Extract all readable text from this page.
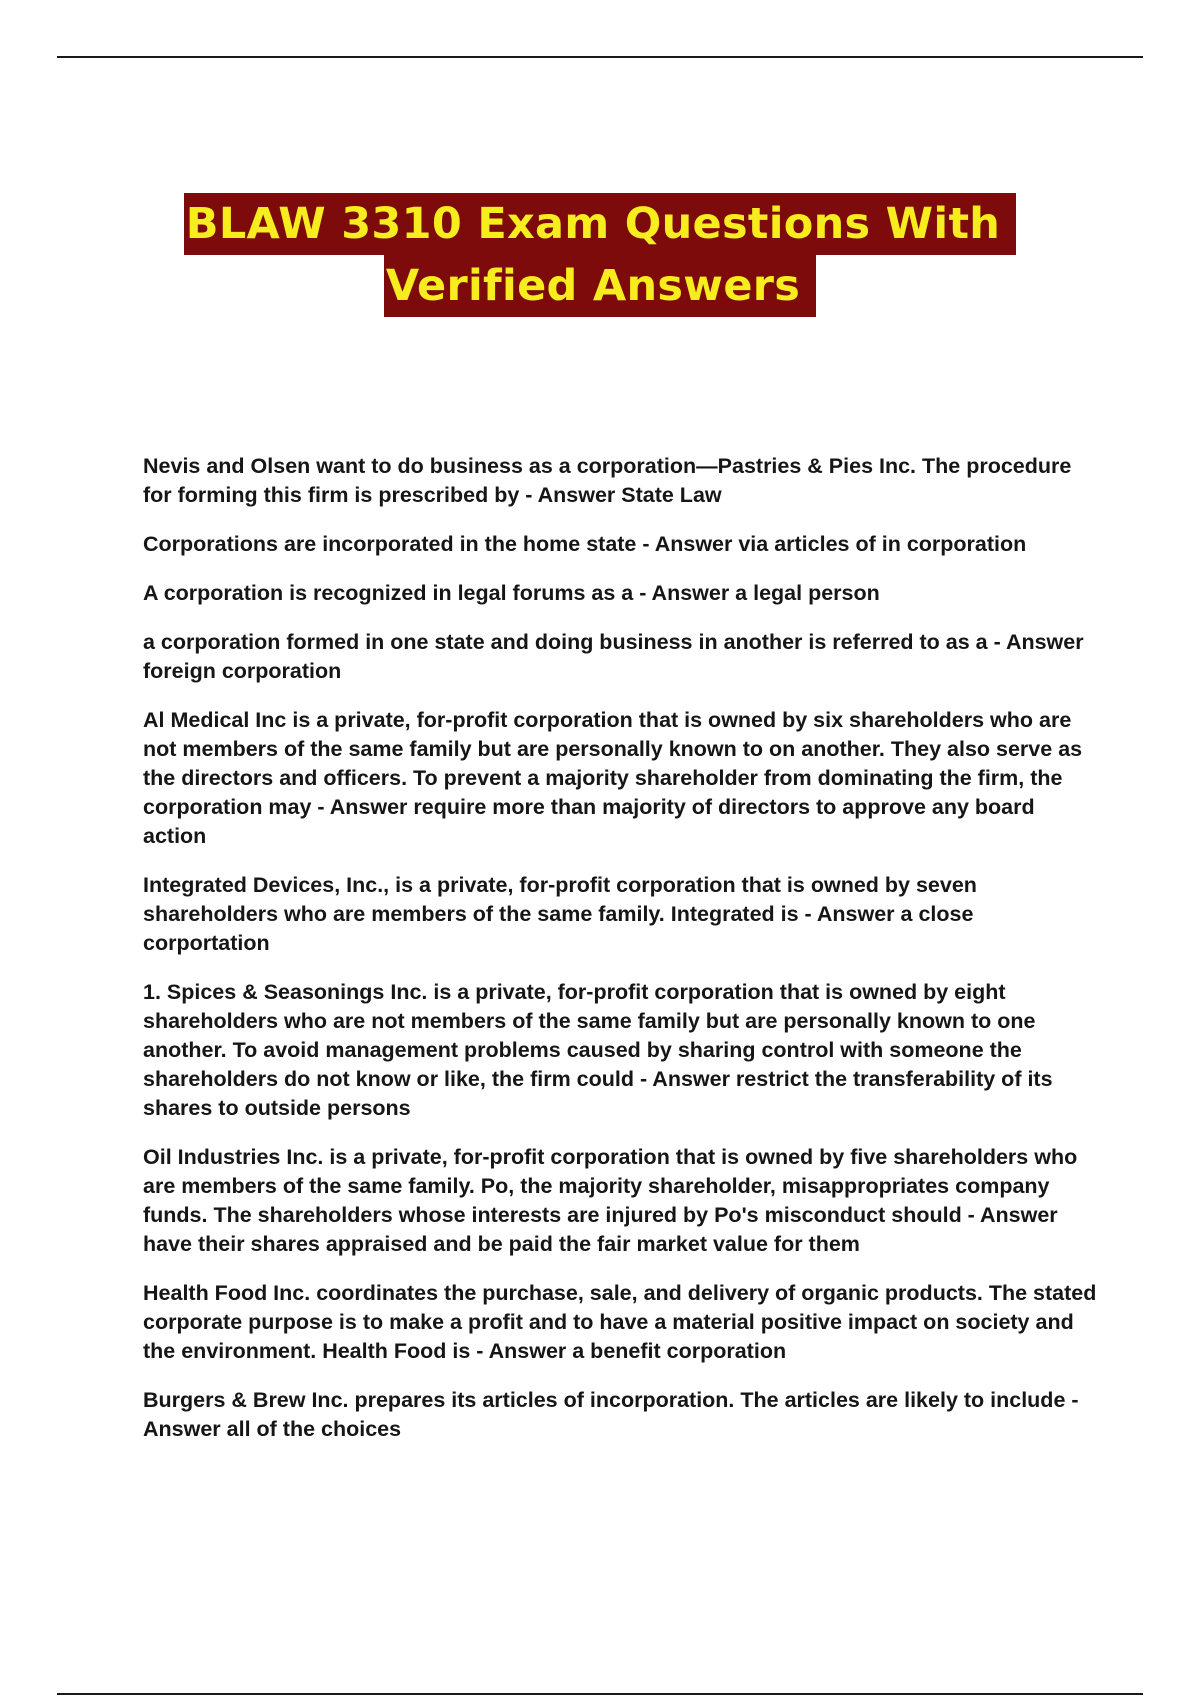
BLAW 3310 Exam Questions With
Verified Answers
Nevis and Olsen want to do business as a corporation—Pastries & Pies Inc. The procedure for forming this firm is prescribed by - Answer State Law
Corporations are incorporated in the home state - Answer via articles of in corporation
A corporation is recognized in legal forums as a - Answer a legal person
a corporation formed in one state and doing business in another is referred to as a - Answer foreign corporation
Al Medical Inc is a private, for-profit corporation that is owned by six shareholders who are not members of the same family but are personally known to on another. They also serve as the directors and officers. To prevent a majority shareholder from dominating the firm, the corporation may - Answer require more than majority of directors to approve any board action
Integrated Devices, Inc., is a private, for-profit corporation that is owned by seven shareholders who are members of the same family. Integrated is - Answer a close corportation
1. Spices & Seasonings Inc. is a private, for-profit corporation that is owned by eight shareholders who are not members of the same family but are personally known to one another. To avoid management problems caused by sharing control with someone the shareholders do not know or like, the firm could - Answer restrict the transferability of its shares to outside persons
Oil Industries Inc. is a private, for-profit corporation that is owned by five shareholders who are members of the same family. Po, the majority shareholder, misappropriates company funds. The shareholders whose interests are injured by Po's misconduct should - Answer have their shares appraised and be paid the fair market value for them
Health Food Inc. coordinates the purchase, sale, and delivery of organic products. The stated corporate purpose is to make a profit and to have a material positive impact on society and the environment. Health Food is - Answer a benefit corporation
Burgers & Brew Inc. prepares its articles of incorporation. The articles are likely to include - Answer all of the choices
